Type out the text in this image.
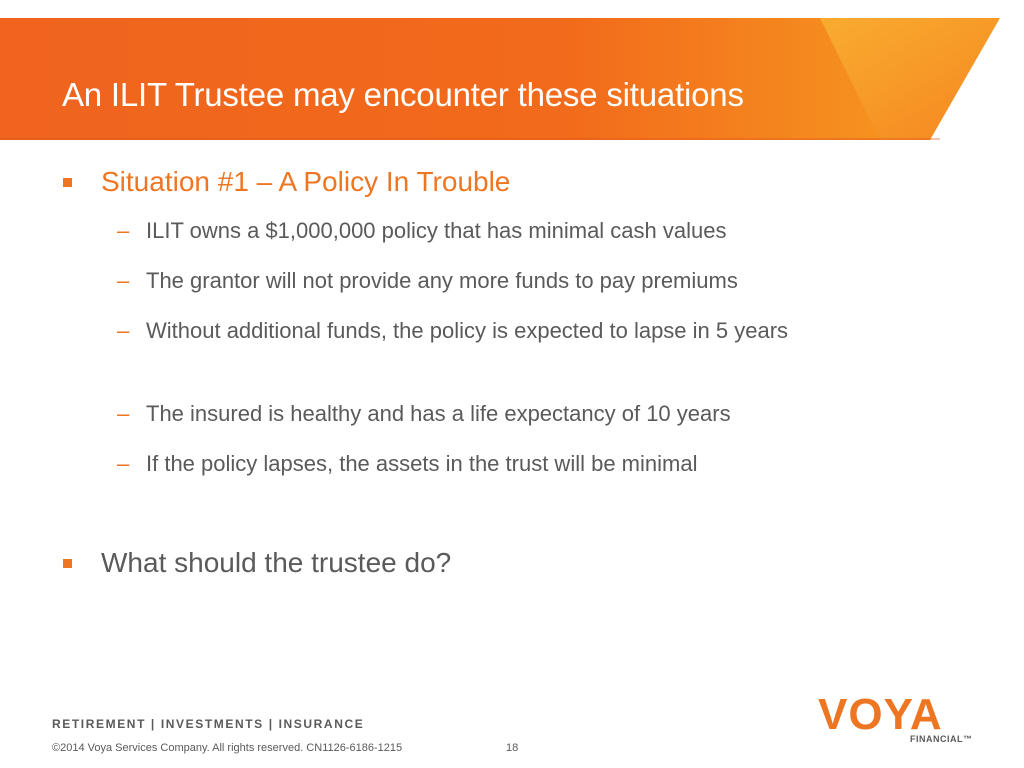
An ILIT Trustee may encounter these situations
Situation #1 – A Policy In Trouble
– ILIT owns a $1,000,000 policy that has minimal cash values
– The grantor will not provide any more funds to pay premiums
– Without additional funds, the policy is expected to lapse in 5 years
– The insured is healthy and has a life expectancy of 10 years
– If the policy lapses, the assets in the trust will be minimal
What should the trustee do?
RETIREMENT | INVESTMENTS | INSURANCE
©2014 Voya Services Company. All rights reserved. CN1126-6186-1215	18
VOYA
FINANCIAL™
